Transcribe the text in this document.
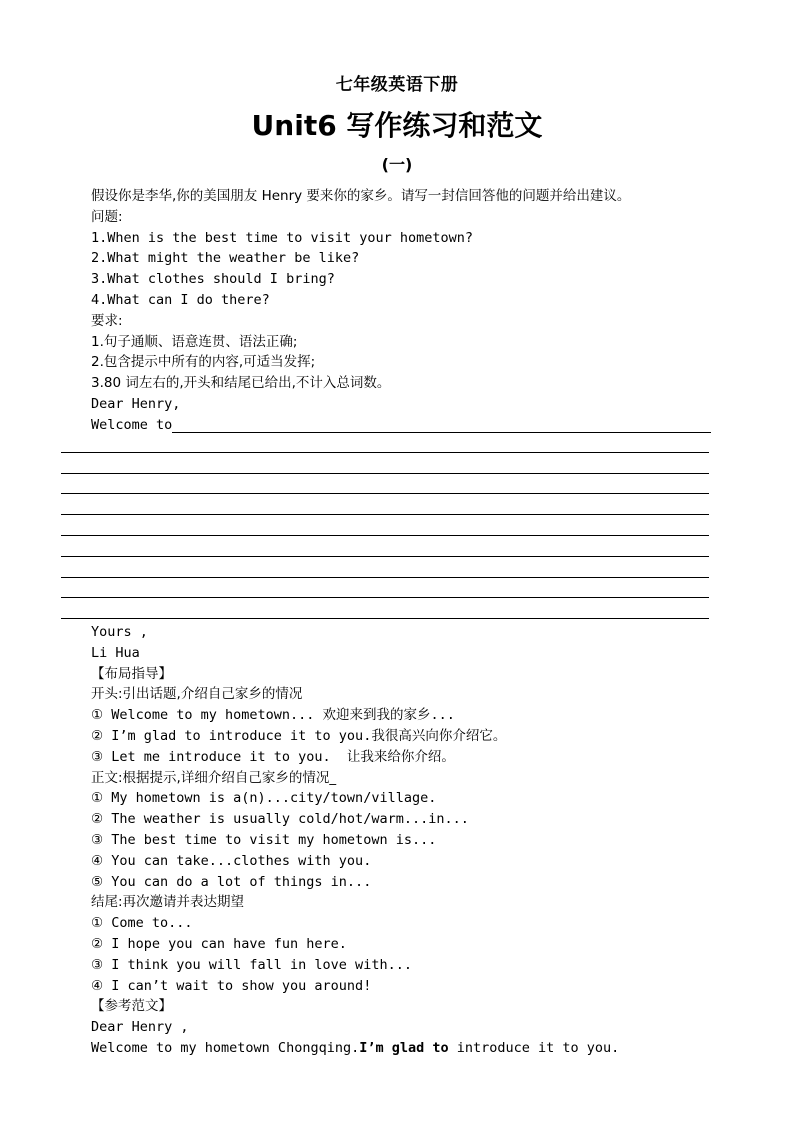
七年级英语下册
Unit6 写作练习和范文
(一)
假设你是李华,你的美国朋友 Henry 要来你的家乡。请写一封信回答他的问题并给出建议。
问题:
1.When is the best time to visit your hometown?
2.What might the weather be like?
3.What clothes should I bring?
4.What can I do there?
要求:
1.句子通顺、语意连贯、语法正确;
2.包含提示中所有的内容,可适当发挥;
3.80 词左右的,开头和结尾已给出,不计入总词数。
Dear Henry,
Welcome to
Yours ,
Li Hua
【布局指导】
开头:引出话题,介绍自己家乡的情况
① Welcome to my hometown... 欢迎来到我的家乡...
② I’m glad to introduce it to you.我很高兴向你介绍它。
③ Let me introduce it to you.  让我来给你介绍。
正文:根据提示,详细介绍自己家乡的情况_
① My hometown is a(n)...city/town/village.
② The weather is usually cold/hot/warm...in...
③ The best time to visit my hometown is...
④ You can take...clothes with you.
⑤ You can do a lot of things in...
结尾:再次邀请并表达期望
① Come to...
② I hope you can have fun here.
③ I think you will fall in love with...
④ I can’t wait to show you around!
【参考范文】
Dear Henry ,
Welcome to my hometown Chongqing.I’m glad to introduce it to you.
